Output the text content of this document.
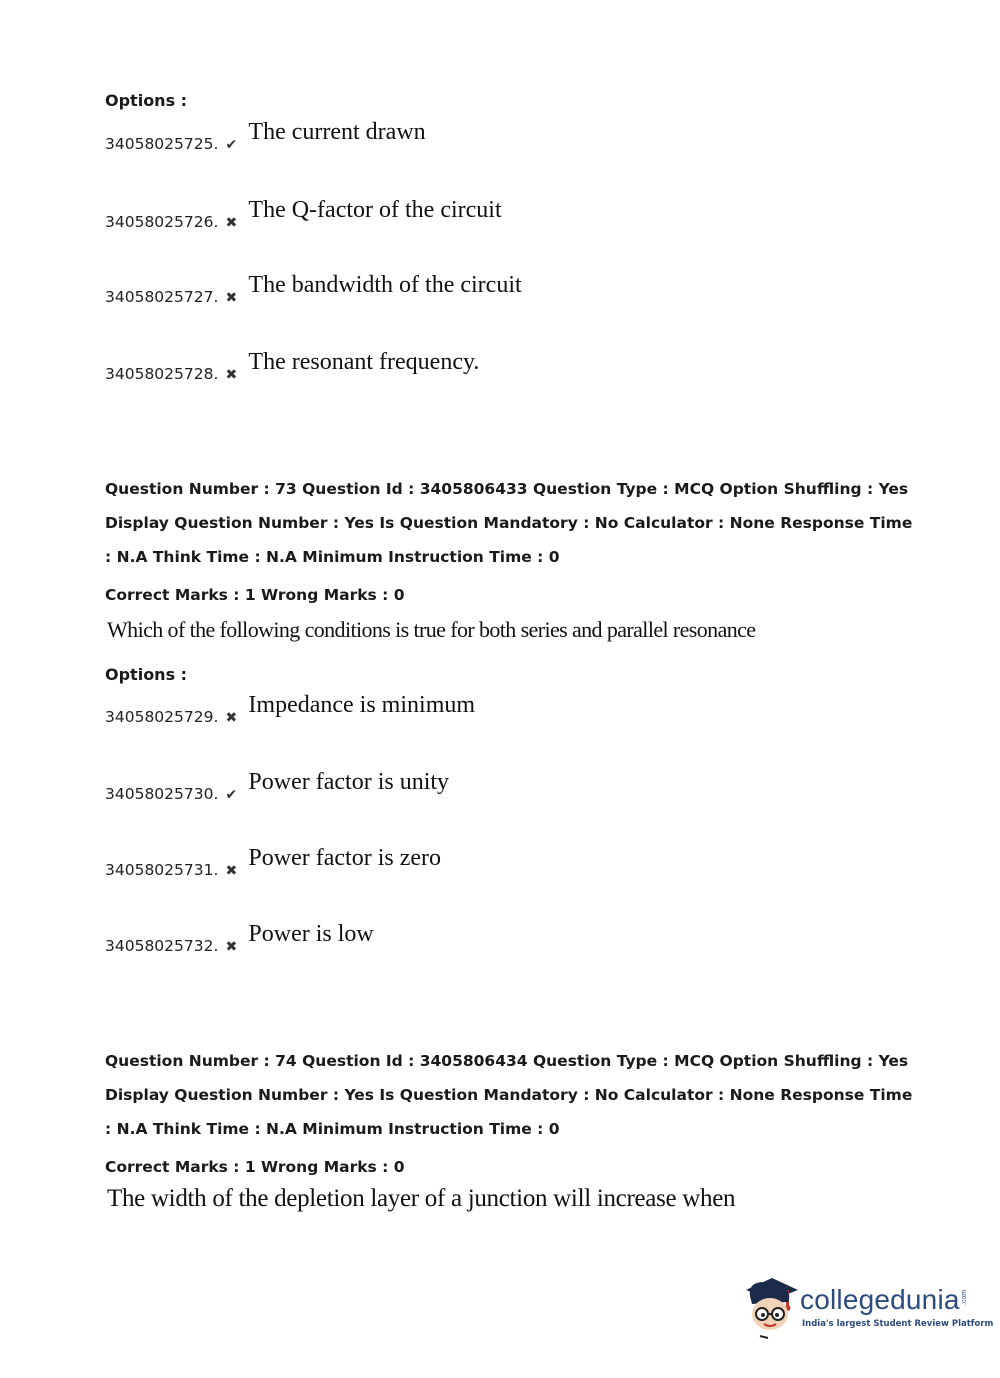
Options :
34058025725. ✔ The current drawn
34058025726. ✖ The Q-factor of the circuit
34058025727. ✖ The bandwidth of the circuit
34058025728. ✖ The resonant frequency.
Question Number : 73 Question Id : 3405806433 Question Type : MCQ Option Shuffling : Yes
Display Question Number : Yes Is Question Mandatory : No Calculator : None Response Time
: N.A Think Time : N.A Minimum Instruction Time : 0
Correct Marks : 1 Wrong Marks : 0
Which of the following conditions is true for both series and parallel resonance
Options :
34058025729. ✖ Impedance is minimum
34058025730. ✔ Power factor is unity
34058025731. ✖ Power factor is zero
34058025732. ✖ Power is low
Question Number : 74 Question Id : 3405806434 Question Type : MCQ Option Shuffling : Yes
Display Question Number : Yes Is Question Mandatory : No Calculator : None Response Time
: N.A Think Time : N.A Minimum Instruction Time : 0
Correct Marks : 1 Wrong Marks : 0
The width of the depletion layer of a junction will increase when
collegedunia .com
India's largest Student Review Platform
